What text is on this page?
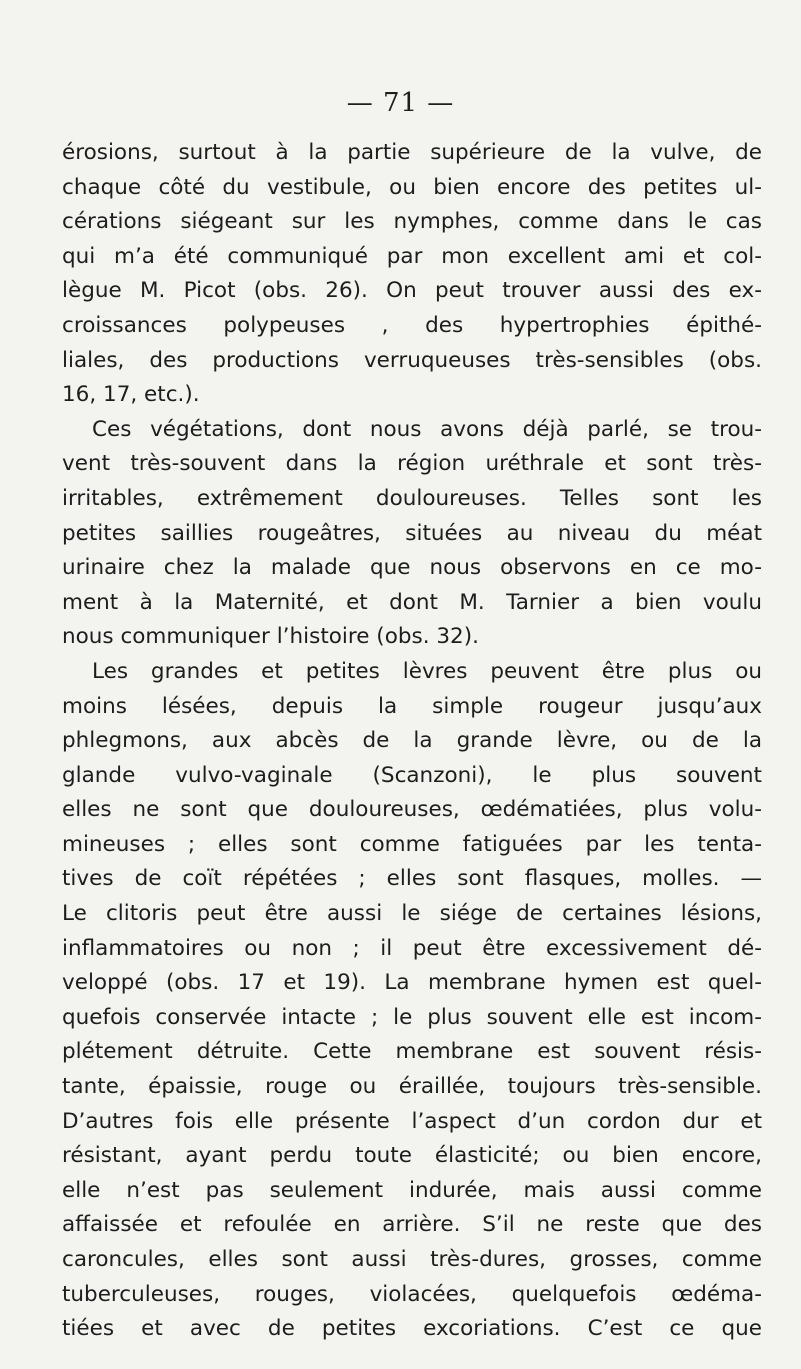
— 71 —
érosions, surtout à la partie supérieure de la vulve, de
chaque côté du vestibule, ou bien encore des petites ul-
cérations siégeant sur les nymphes, comme dans le cas
qui m’a été communiqué par mon excellent ami et col-
lègue M. Picot (obs. 26). On peut trouver aussi des ex-
croissances polypeuses , des hypertrophies épithé-
liales, des productions verruqueuses très-sensibles (obs.
16, 17, etc.).
Ces végétations, dont nous avons déjà parlé, se trou-
vent très-souvent dans la région uréthrale et sont très-
irritables, extrêmement douloureuses. Telles sont les
petites saillies rougeâtres, situées au niveau du méat
urinaire chez la malade que nous observons en ce mo-
ment à la Maternité, et dont M. Tarnier a bien voulu
nous communiquer l’histoire (obs. 32).
Les grandes et petites lèvres peuvent être plus ou
moins lésées, depuis la simple rougeur jusqu’aux
phlegmons, aux abcès de la grande lèvre, ou de la
glande vulvo-vaginale (Scanzoni), le plus souvent
elles ne sont que douloureuses, œdématiées, plus volu-
mineuses ; elles sont comme fatiguées par les tenta-
tives de coït répétées ; elles sont flasques, molles. —
Le clitoris peut être aussi le siége de certaines lésions,
inflammatoires ou non ; il peut être excessivement dé-
veloppé (obs. 17 et 19). La membrane hymen est quel-
quefois conservée intacte ; le plus souvent elle est incom-
plétement détruite. Cette membrane est souvent résis-
tante, épaissie, rouge ou éraillée, toujours très-sensible.
D’autres fois elle présente l’aspect d’un cordon dur et
résistant, ayant perdu toute élasticité; ou bien encore,
elle n’est pas seulement indurée, mais aussi comme
affaissée et refoulée en arrière. S’il ne reste que des
caroncules, elles sont aussi très-dures, grosses, comme
tuberculeuses, rouges, violacées, quelquefois œdéma-
tiées et avec de petites excoriations. C’est ce que
